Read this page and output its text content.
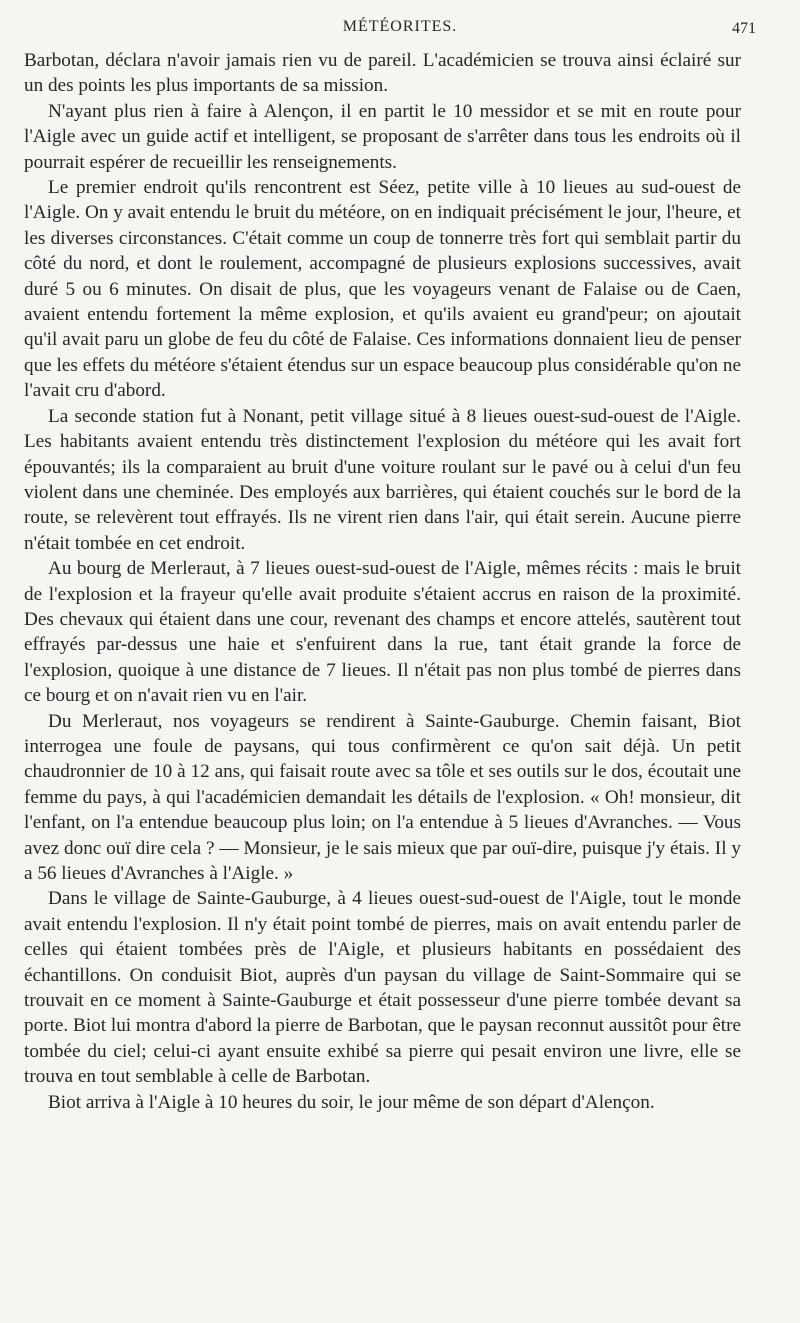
MÉTÉORITES.	471

Barbotan, déclara n'avoir jamais rien vu de pareil. L'académicien se trouva ainsi éclairé sur un des points les plus importants de sa mission.

N'ayant plus rien à faire à Alençon, il en partit le 10 messidor et se mit en route pour l'Aigle avec un guide actif et intelligent, se proposant de s'arrêter dans tous les endroits où il pourrait espérer de recueillir les renseignements.

Le premier endroit qu'ils rencontrent est Séez, petite ville à 10 lieues au sud-ouest de l'Aigle. On y avait entendu le bruit du météore, on en indiquait précisément le jour, l'heure, et les diverses circonstances. C'était comme un coup de tonnerre très fort qui semblait partir du côté du nord, et dont le roulement, accompagné de plusieurs explosions successives, avait duré 5 ou 6 minutes. On disait de plus, que les voyageurs venant de Falaise ou de Caen, avaient entendu fortement la même explosion, et qu'ils avaient eu grand'peur; on ajoutait qu'il avait paru un globe de feu du côté de Falaise. Ces informations donnaient lieu de penser que les effets du météore s'étaient étendus sur un espace beaucoup plus considérable qu'on ne l'avait cru d'abord.

La seconde station fut à Nonant, petit village situé à 8 lieues ouest-sud-ouest de l'Aigle. Les habitants avaient entendu très distinctement l'explosion du météore qui les avait fort épouvantés; ils la comparaient au bruit d'une voiture roulant sur le pavé ou à celui d'un feu violent dans une cheminée. Des employés aux barrières, qui étaient couchés sur le bord de la route, se relevèrent tout effrayés. Ils ne virent rien dans l'air, qui était serein. Aucune pierre n'était tombée en cet endroit.

Au bourg de Merleraut, à 7 lieues ouest-sud-ouest de l'Aigle, mêmes récits : mais le bruit de l'explosion et la frayeur qu'elle avait produite s'étaient accrus en raison de la proximité. Des chevaux qui étaient dans une cour, revenant des champs et encore attelés, sautèrent tout effrayés par-dessus une haie et s'enfuirent dans la rue, tant était grande la force de l'explosion, quoique à une distance de 7 lieues. Il n'était pas non plus tombé de pierres dans ce bourg et on n'avait rien vu en l'air.

Du Merleraut, nos voyageurs se rendirent à Sainte-Gauburge. Chemin faisant, Biot interrogea une foule de paysans, qui tous confirmèrent ce qu'on sait déjà. Un petit chaudronnier de 10 à 12 ans, qui faisait route avec sa tôle et ses outils sur le dos, écoutait une femme du pays, à qui l'académicien demandait les détails de l'explosion. « Oh! monsieur, dit l'enfant, on l'a entendue beaucoup plus loin; on l'a entendue à 5 lieues d'Avranches. — Vous avez donc ouï dire cela ? — Monsieur, je le sais mieux que par ouï-dire, puisque j'y étais. Il y a 56 lieues d'Avranches à l'Aigle. »

Dans le village de Sainte-Gauburge, à 4 lieues ouest-sud-ouest de l'Aigle, tout le monde avait entendu l'explosion. Il n'y était point tombé de pierres, mais on avait entendu parler de celles qui étaient tombées près de l'Aigle, et plusieurs habitants en possédaient des échantillons. On conduisit Biot, auprès d'un paysan du village de Saint-Sommaire qui se trouvait en ce moment à Sainte-Gauburge et était possesseur d'une pierre tombée devant sa porte. Biot lui montra d'abord la pierre de Barbotan, que le paysan reconnut aussitôt pour être tombée du ciel; celui-ci ayant ensuite exhibé sa pierre qui pesait environ une livre, elle se trouva en tout semblable à celle de Barbotan.

Biot arriva à l'Aigle à 10 heures du soir, le jour même de son départ d'Alençon.
